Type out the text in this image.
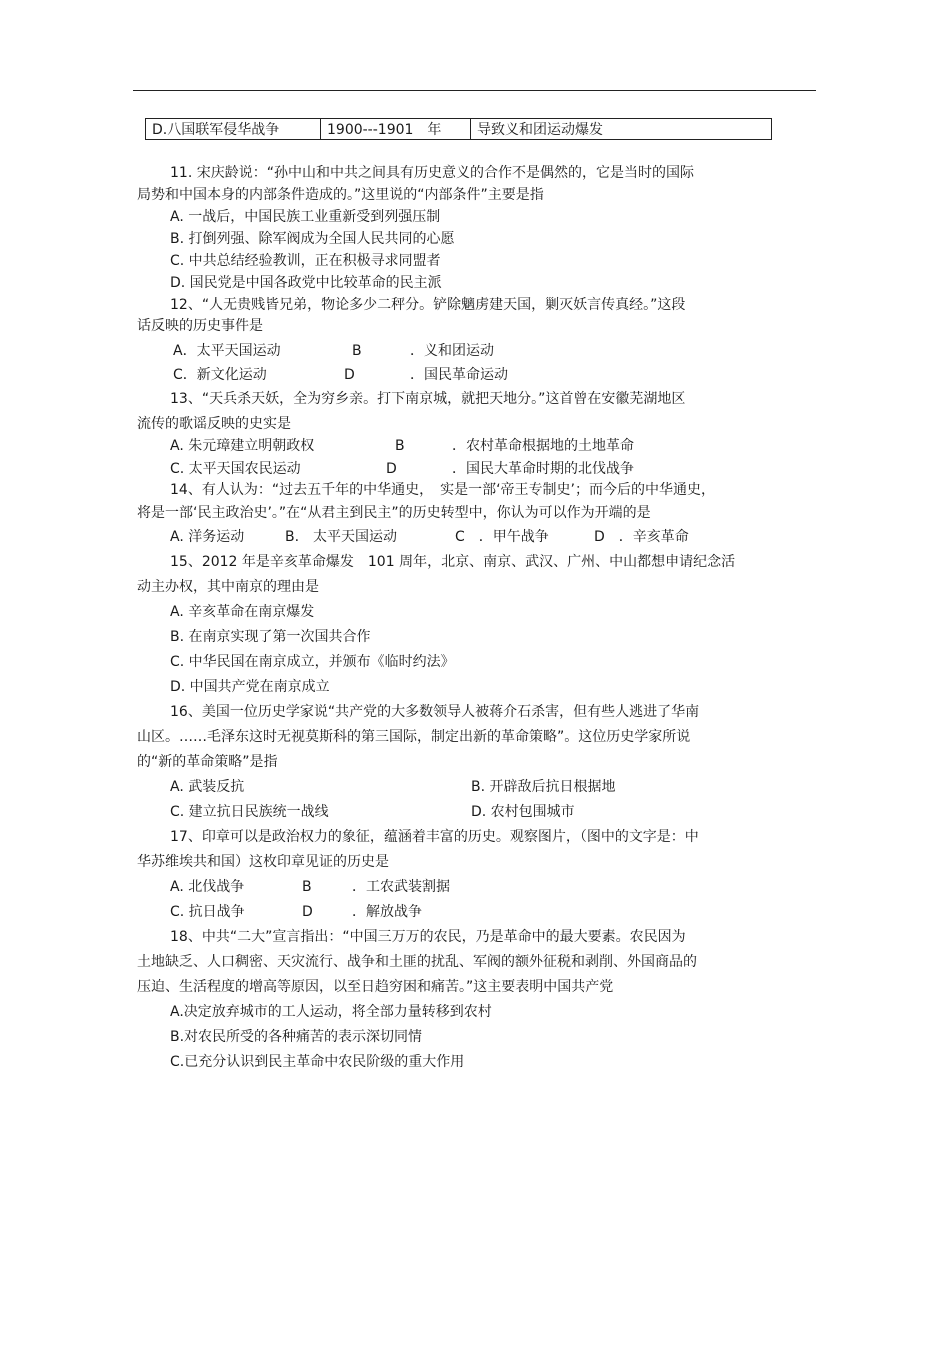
D.八国联军侵华战争	1900---1901　年	导致义和团运动爆发
11. 宋庆龄说：“孙中山和中共之间具有历史意义的合作不是偶然的，它是当时的国际
局势和中国本身的内部条件造成的。”这里说的“内部条件”主要是指
A. 一战后，中国民族工业重新受到列强压制
B. 打倒列强、除军阀成为全国人民共同的心愿
C. 中共总结经验教训，正在积极寻求同盟者
D. 国民党是中国各政党中比较革命的民主派
12、“人无贵贱皆兄弟，物论多少二秤分。铲除魑虏建天国，剿灭妖言传真经。”这段
话反映的历史事件是
A．太平天国运动	B	．义和团运动
C．新文化运动	D	．国民革命运动
13、“天兵杀天妖，全为穷乡亲。打下南京城，就把天地分。”这首曾在安徽芜湖地区
流传的歌谣反映的史实是
A. 朱元璋建立明朝政权	B	．农村革命根据地的土地革命
C. 太平天国农民运动	D	．国民大革命时期的北伐战争
14、有人认为：“过去五千年的中华通史，　实是一部‘帝王专制史’；而今后的中华通史，
将是一部‘民主政治史’。”在“从君主到民主”的历史转型中，你认为可以作为开端的是
A. 洋务运动	B.　太平天国运动	C　．甲午战争	D　．辛亥革命
15、2012 年是辛亥革命爆发　101 周年，北京、南京、武汉、广州、中山都想申请纪念活
动主办权，其中南京的理由是
A. 辛亥革命在南京爆发
B. 在南京实现了第一次国共合作
C. 中华民国在南京成立，并颁布《临时约法》
D. 中国共产党在南京成立
16、美国一位历史学家说“共产党的大多数领导人被蒋介石杀害，但有些人逃进了华南
山区。……毛泽东这时无视莫斯科的第三国际，制定出新的革命策略”。这位历史学家所说
的“新的革命策略”是指
A. 武装反抗	B. 开辟敌后抗日根据地
C. 建立抗日民族统一战线	D. 农村包围城市
17、印章可以是政治权力的象征，蕴涵着丰富的历史。观察图片，（图中的文字是：中
华苏维埃共和国）这枚印章见证的历史是
A. 北伐战争	B	．工农武装割据
C. 抗日战争	D	．解放战争
18、中共“二大”宣言指出：“中国三万万的农民，乃是革命中的最大要素。农民因为
土地缺乏、人口稠密、天灾流行、战争和土匪的扰乱、军阀的额外征税和剥削、外国商品的
压迫、生活程度的增高等原因，以至日趋穷困和痛苦。”这主要表明中国共产党
A.决定放弃城市的工人运动，将全部力量转移到农村
B.对农民所受的各种痛苦的表示深切同情
C.已充分认识到民主革命中农民阶级的重大作用
